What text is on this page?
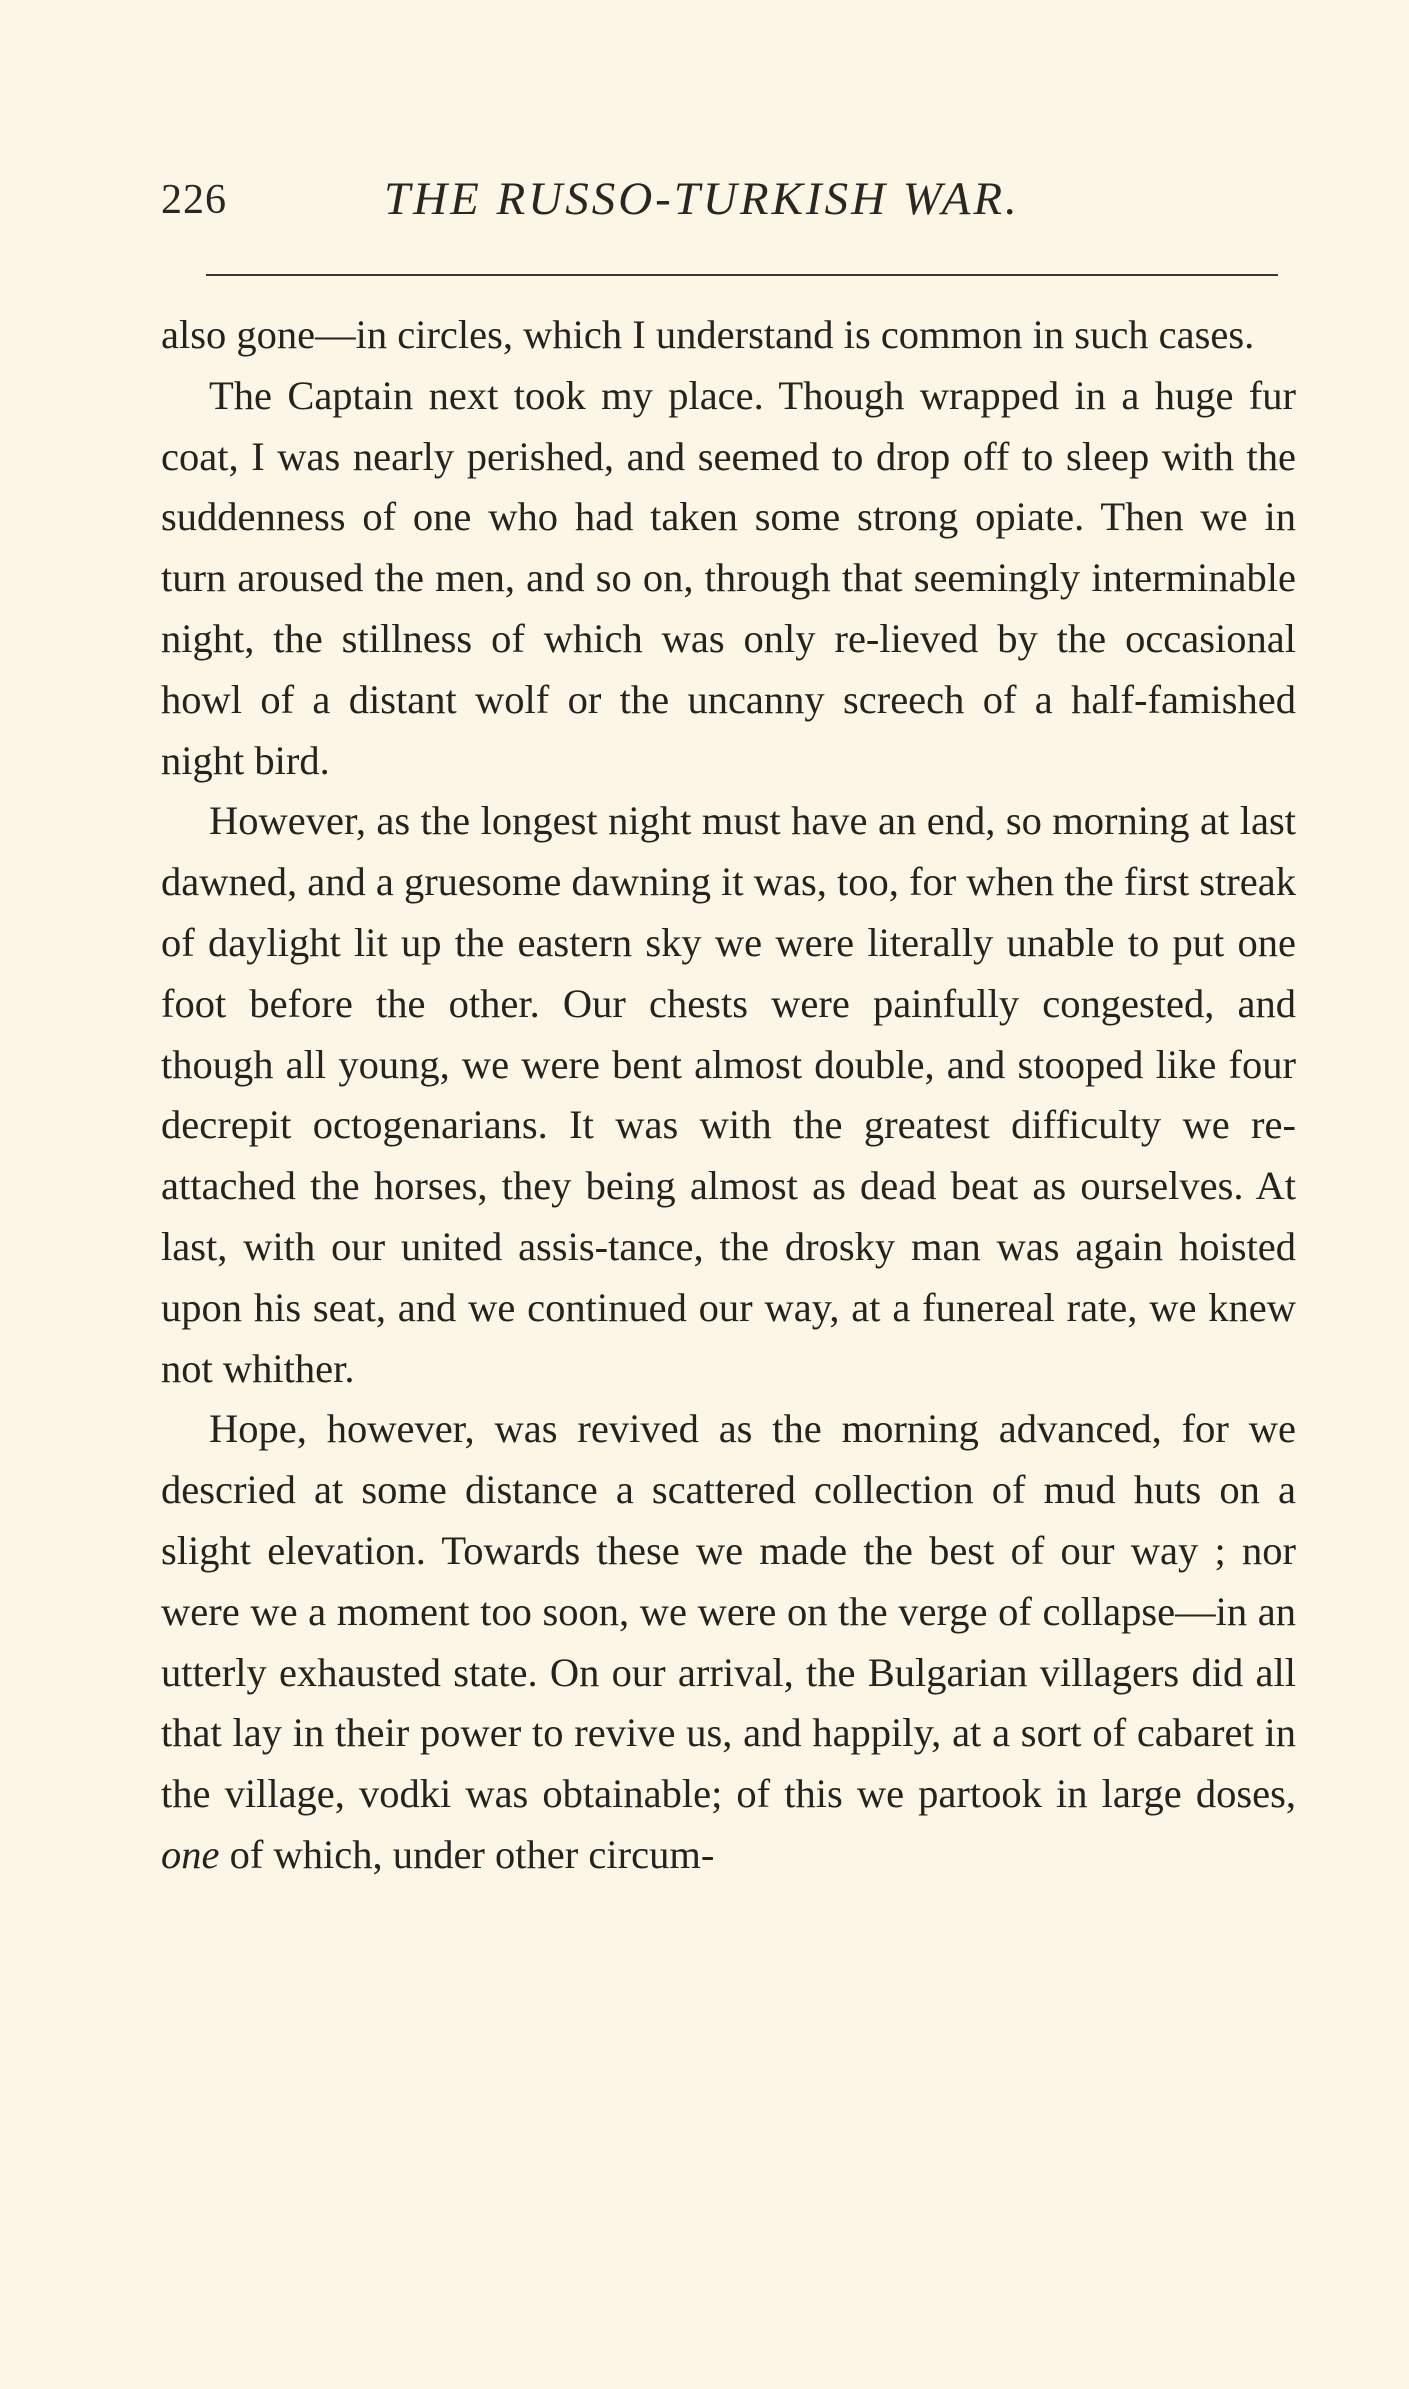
226	THE RUSSO-TURKISH WAR.

also gone—in circles, which I understand is common in such cases.

The Captain next took my place. Though wrapped in a huge fur coat, I was nearly perished, and seemed to drop off to sleep with the suddenness of one who had taken some strong opiate. Then we in turn aroused the men, and so on, through that seemingly interminable night, the stillness of which was only re-lieved by the occasional howl of a distant wolf or the uncanny screech of a half-famished night bird.

However, as the longest night must have an end, so morning at last dawned, and a gruesome dawning it was, too, for when the first streak of daylight lit up the eastern sky we were literally unable to put one foot before the other. Our chests were painfully congested, and though all young, we were bent almost double, and stooped like four decrepit octogenarians. It was with the greatest difficulty we re-attached the horses, they being almost as dead beat as ourselves. At last, with our united assis-tance, the drosky man was again hoisted upon his seat, and we continued our way, at a funereal rate, we knew not whither.

Hope, however, was revived as the morning advanced, for we descried at some distance a scattered collection of mud huts on a slight elevation. Towards these we made the best of our way ; nor were we a moment too soon, we were on the verge of collapse—in an utterly exhausted state. On our arrival, the Bulgarian villagers did all that lay in their power to revive us, and happily, at a sort of cabaret in the village, vodki was obtainable; of this we partook in large doses, one of which, under other circum-
